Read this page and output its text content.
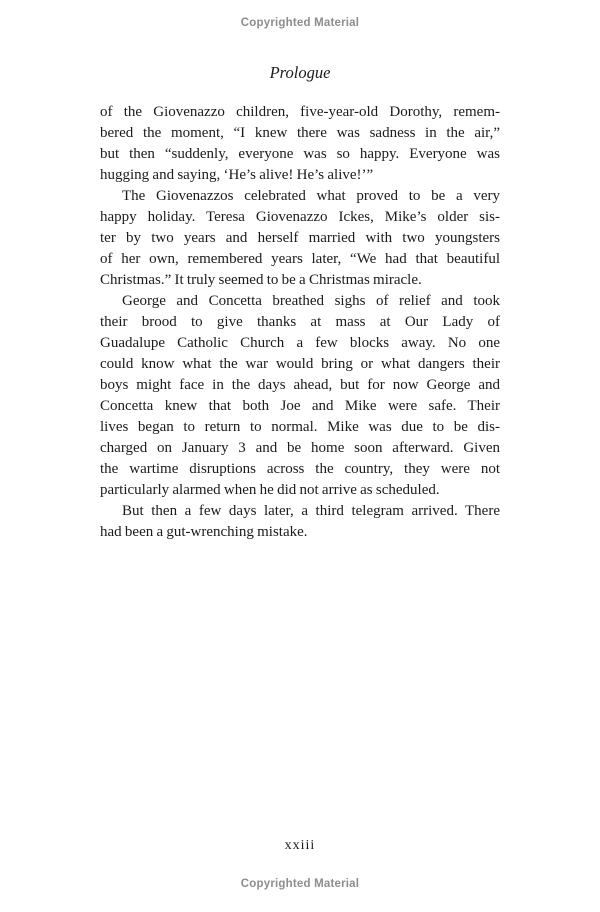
Copyrighted Material
Prologue
of the Giovenazzo children, five-year-old Dorothy, remem-
bered the moment, “I knew there was sadness in the air,”
but then “suddenly, everyone was so happy. Everyone was
hugging and saying, ‘He’s alive! He’s alive!’”
The Giovenazzos celebrated what proved to be a very
happy holiday. Teresa Giovenazzo Ickes, Mike’s older sis-
ter by two years and herself married with two youngsters
of her own, remembered years later, “We had that beautiful
Christmas.” It truly seemed to be a Christmas miracle.
George and Concetta breathed sighs of relief and took
their brood to give thanks at mass at Our Lady of
Guadalupe Catholic Church a few blocks away. No one
could know what the war would bring or what dangers their
boys might face in the days ahead, but for now George and
Concetta knew that both Joe and Mike were safe. Their
lives began to return to normal. Mike was due to be dis-
charged on January 3 and be home soon afterward. Given
the wartime disruptions across the country, they were not
particularly alarmed when he did not arrive as scheduled.
But then a few days later, a third telegram arrived. There
had been a gut-wrenching mistake.
xxiii
Copyrighted Material
